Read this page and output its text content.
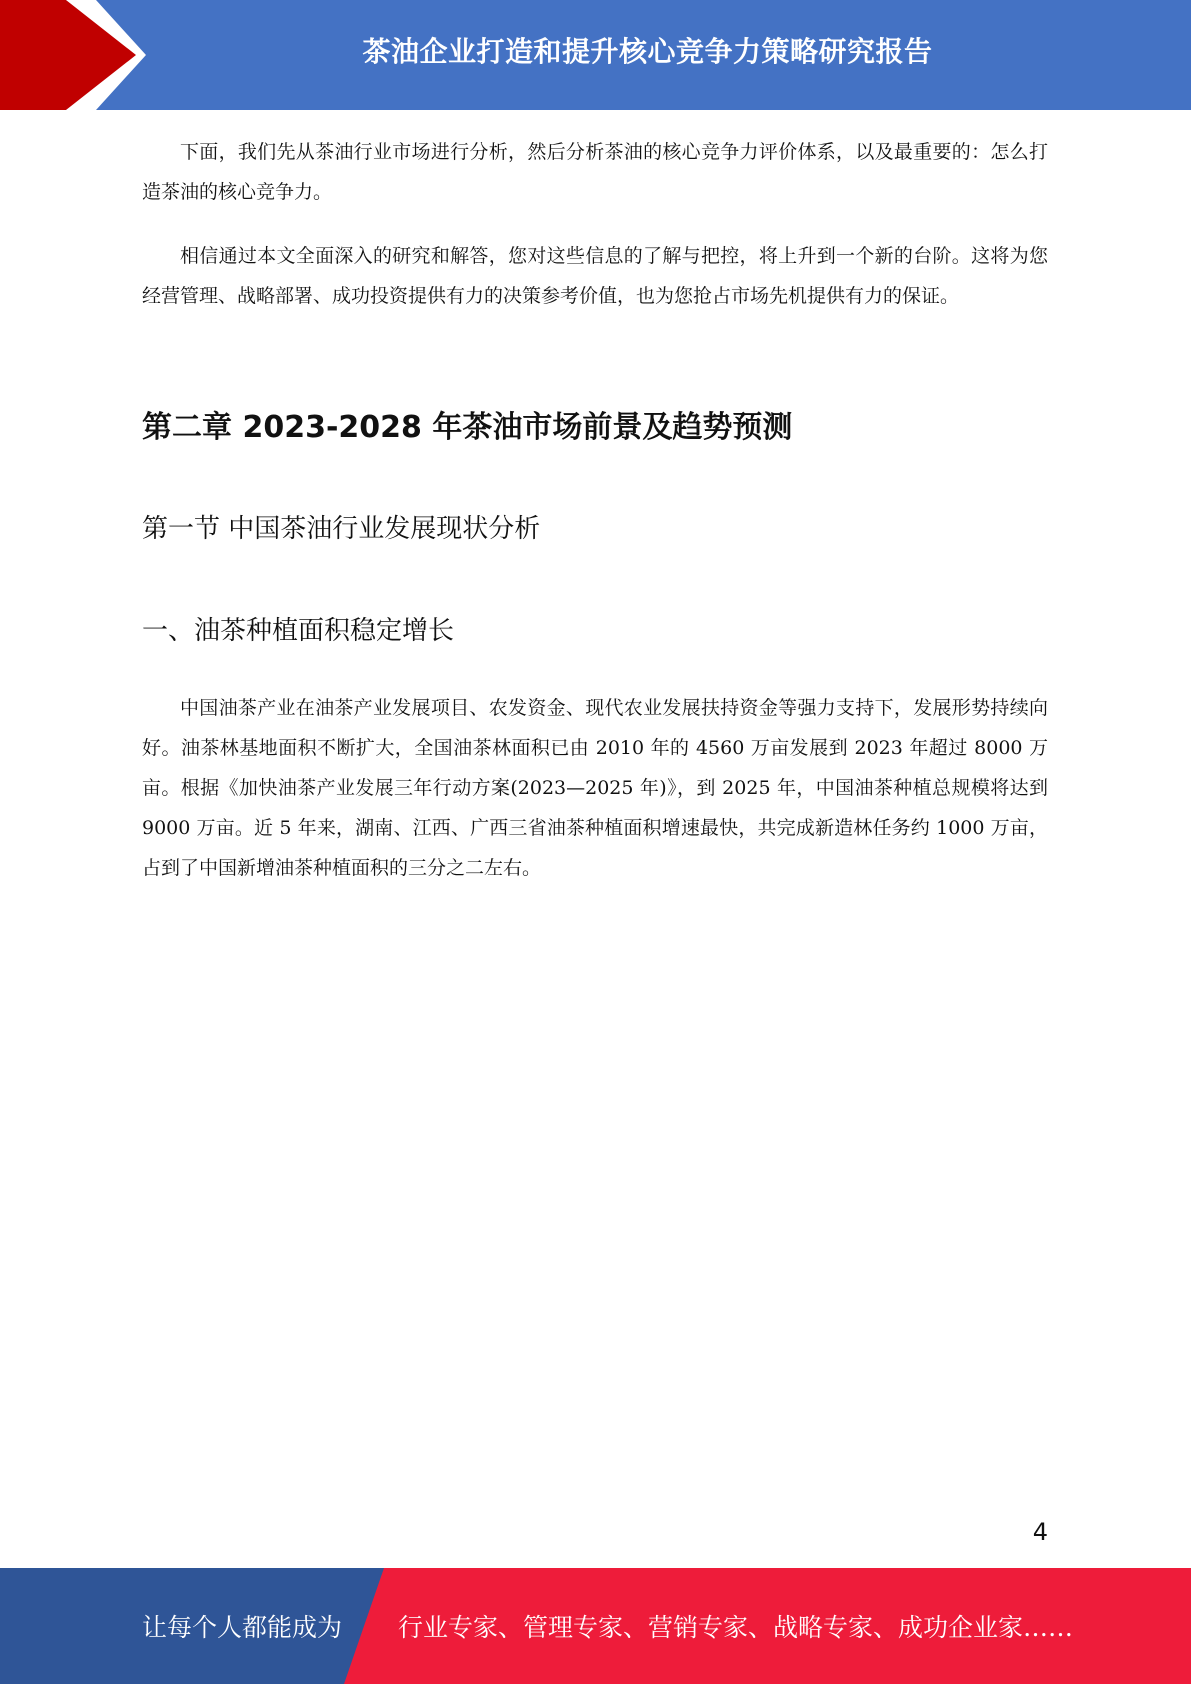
茶油企业打造和提升核心竞争力策略研究报告

下面，我们先从茶油行业市场进行分析，然后分析茶油的核心竞争力评价体系，以及最重要的：怎么打造茶油的核心竞争力。

相信通过本文全面深入的研究和解答，您对这些信息的了解与把控，将上升到一个新的台阶。这将为您经营管理、战略部署、成功投资提供有力的决策参考价值，也为您抢占市场先机提供有力的保证。

第二章 2023-2028 年茶油市场前景及趋势预测
第一节 中国茶油行业发展现状分析
一、油茶种植面积稳定增长

中国油茶产业在油茶产业发展项目、农发资金、现代农业发展扶持资金等强力支持下，发展形势持续向好。油茶林基地面积不断扩大，全国油茶林面积已由 2010 年的 4560 万亩发展到 2023 年超过 8000 万亩。根据《加快油茶产业发展三年行动方案(2023—2025 年)》，到 2025 年，中国油茶种植总规模将达到 9000 万亩。近 5 年来，湖南、江西、广西三省油茶种植面积增速最快，共完成新造林任务约 1000 万亩，占到了中国新增油茶种植面积的三分之二左右。

4
让每个人都能成为 行业专家、管理专家、营销专家、战略专家、成功企业家……
